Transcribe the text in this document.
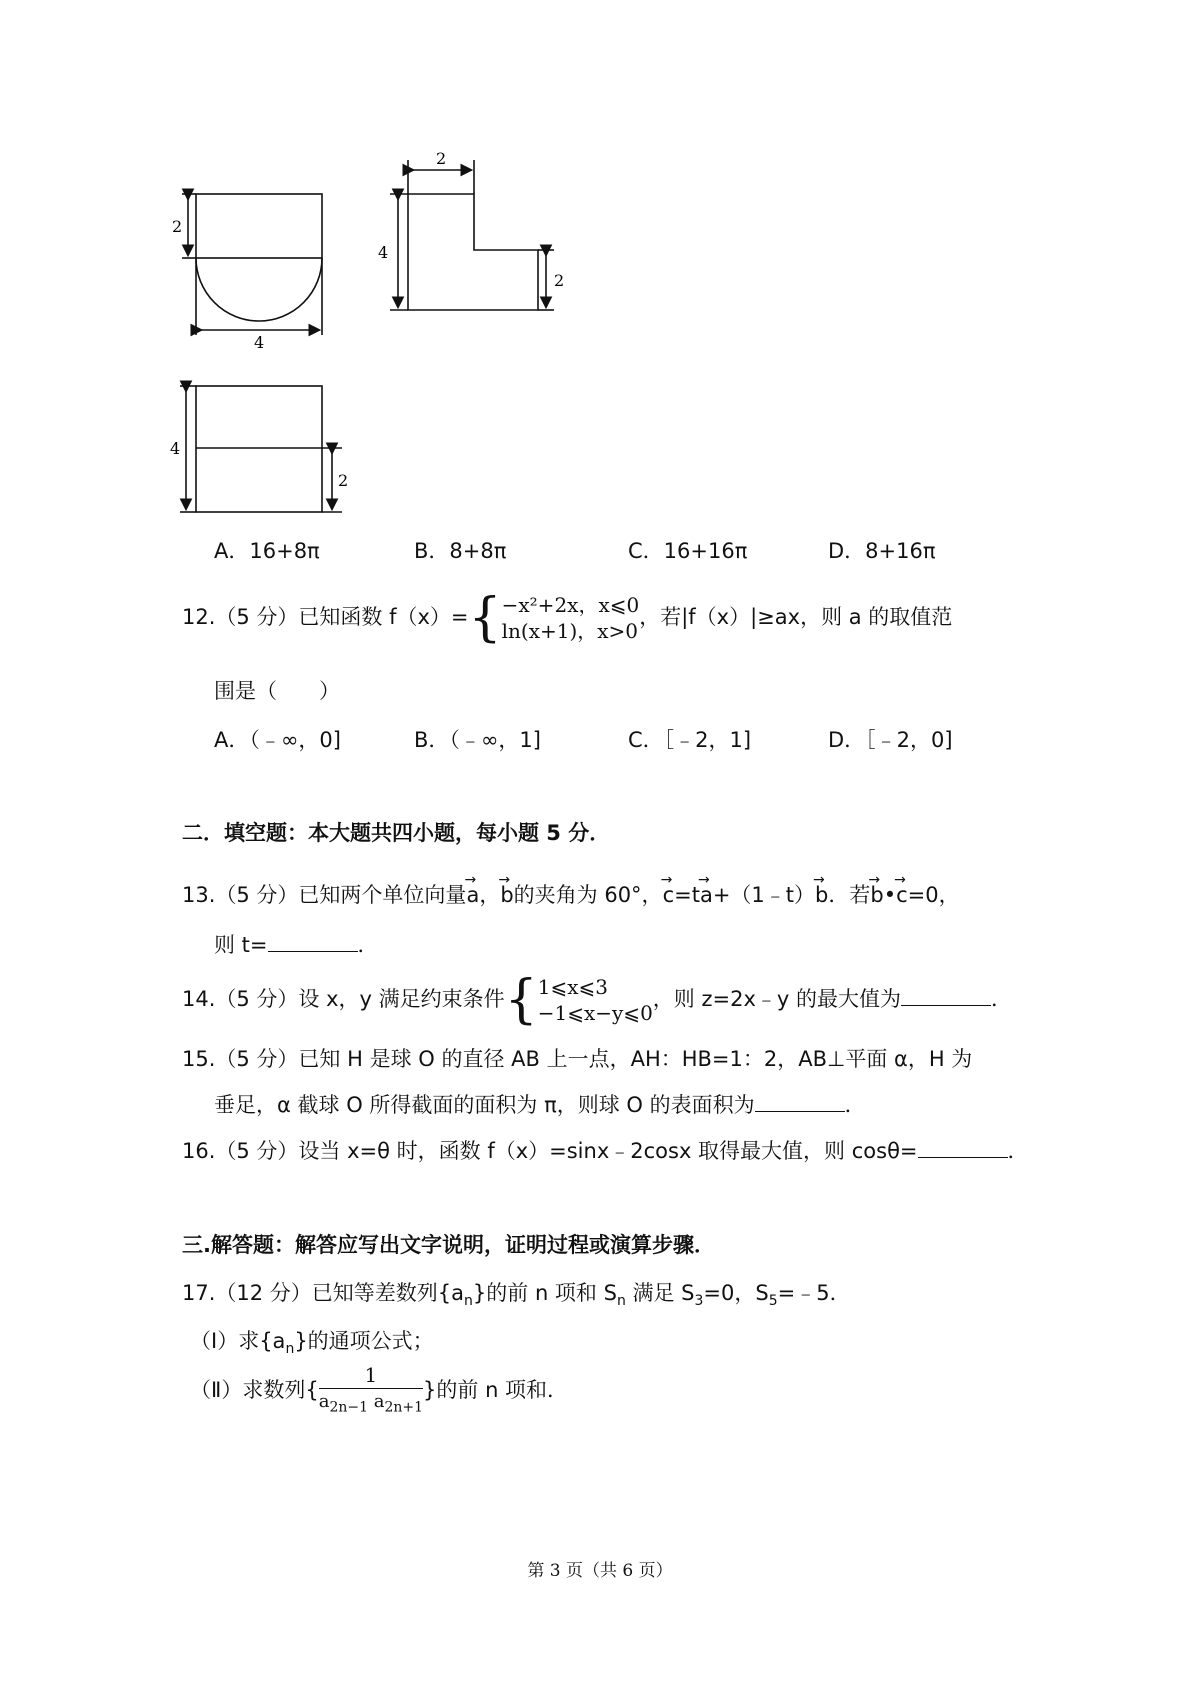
2
4
2
4
2
4
2
A．16+8π	B．8+8π	C．16+16π	D．8+16π
12.（5 分）已知函数 f（x）={ −x²+2x，x⩽0
ln(x+1)，x>0
，若|f（x）|≥ax，则 a 的取值范
围是（　　）
A．（﹣∞，0]	B．（﹣∞，1]	C．［﹣2，1]	D．［﹣2，0]
二．填空题：本大题共四小题，每小题 5 分．
13.（5 分）已知两个单位向量→ a，→ b的夹角为 60°，→ c=t→ a+（1﹣t）→ b．若→ b•→ c=0，
则 t=	．
14.（5 分）设 x，y 满足约束条件{ 1⩽x⩽3
−1⩽x−y⩽0
，则 z=2x﹣y 的最大值为	．
15.（5 分）已知 H 是球 O 的直径 AB 上一点，AH：HB=1：2，AB⊥平面 α，H 为
垂足，α 截球 O 所得截面的面积为 π，则球 O 的表面积为	．
16.（5 分）设当 x=θ 时，函数 f（x）=sinx﹣2cosx 取得最大值，则 cosθ=	．
三.解答题：解答应写出文字说明，证明过程或演算步骤．
17.（12 分）已知等差数列$\{a_n\}$的前 n 项和 $S_n$ 满足 $S_3=0$，$S_5=﹣5$．
（Ⅰ）求$\{a_n\}$的通项公式；
（Ⅱ）求数列{ $\frac{1}{a_{2n-1} a_{2n+1}}$ }的前 n 项和．
第 3 页（共 6 页）
